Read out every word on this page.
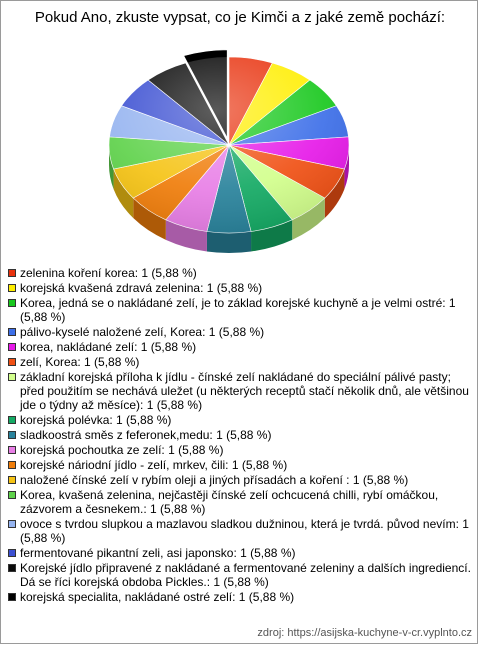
Pokud Ano, zkuste vypsat, co je Kimči a z jaké země pochází:
zelenina koření korea: 1 (5,88 %)
korejská kvašená zdravá zelenina: 1 (5,88 %)
Korea, jedná se o nakládané zelí, je to základ korejské kuchyně a je velmi ostré: 1 (5,88 %)
pálivo-kyselé naložené zelí, Korea: 1 (5,88 %)
korea, nakládané zelí: 1 (5,88 %)
zelí, Korea: 1 (5,88 %)
základní korejská příloha k jídlu - čínské zelí nakládané do speciální pálivé pasty; před použitím se nechává uležet (u některých receptů stačí několik dnů, ale většinou jde o týdny až měsíce): 1 (5,88 %)
korejská polévka: 1 (5,88 %)
sladkoostrá směs z feferonek,medu: 1 (5,88 %)
korejská pochoutka ze zelí: 1 (5,88 %)
korejské náriodní jídlo - zelí, mrkev, čili: 1 (5,88 %)
naložené čínské zelí v rybím oleji a jiných přísadách a koření : 1 (5,88 %)
Korea, kvašená zelenina, nejčastěji čínské zelí ochcucená chilli, rybí omáčkou, zázvorem a česnekem.: 1 (5,88 %)
ovoce s tvrdou slupkou a mazlavou sladkou dužninou, která je tvrdá. původ nevím: 1 (5,88 %)
fermentované pikantní zeli, asi japonsko: 1 (5,88 %)
Korejské jídlo připravené z nakládané a fermentované zeleniny a dalších ingrediencí. Dá se říci korejská obdoba Pickles.: 1 (5,88 %)
korejská specialita, nakládané ostré zelí: 1 (5,88 %)
zdroj: https://asijska-kuchyne-v-cr.vyplnto.cz
